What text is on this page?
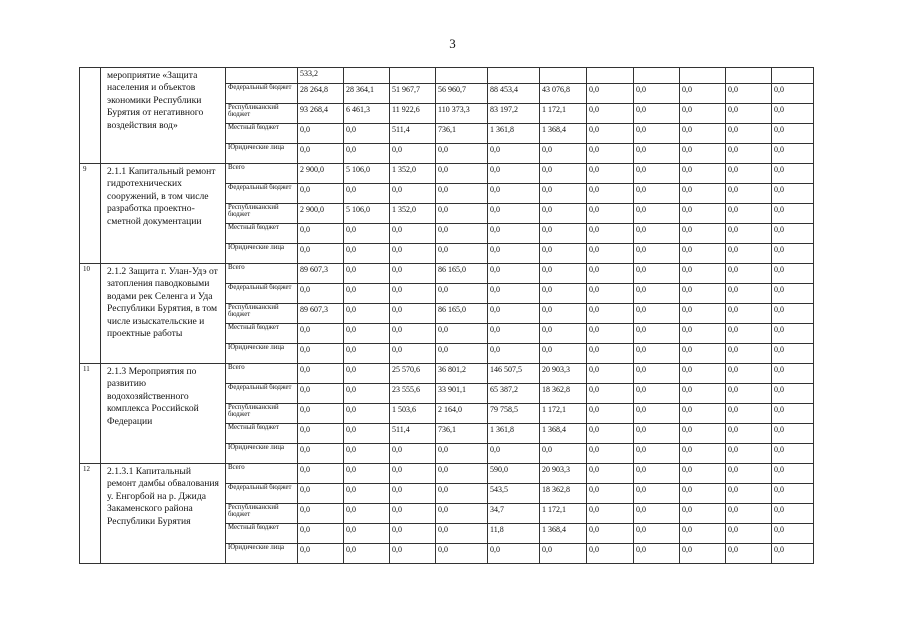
3
	мероприятие «Защита населения и объектов экономики Республики Бурятия от негативного воздействия вод»		533,2										
		Федеральный бюджет	28 264,8	28 364,1	51 967,7	56 960,7	88 453,4	43 076,8	0,0	0,0	0,0	0,0	0,0
		Республиканский бюджет	93 268,4	6 461,3	11 922,6	110 373,3	83 197,2	1 172,1	0,0	0,0	0,0	0,0	0,0
		Местный бюджет	0,0	0,0	511,4	736,1	1 361,8	1 368,4	0,0	0,0	0,0	0,0	0,0
		Юридические лица	0,0	0,0	0,0	0,0	0,0	0,0	0,0	0,0	0,0	0,0	0,0
9	2.1.1 Капитальный ремонт гидротехнических сооружений, в том числе разработка проектно-сметной документации	Всего	2 900,0	5 106,0	1 352,0	0,0	0,0	0,0	0,0	0,0	0,0	0,0	0,0
		Федеральный бюджет	0,0	0,0	0,0	0,0	0,0	0,0	0,0	0,0	0,0	0,0	0,0
		Республиканский бюджет	2 900,0	5 106,0	1 352,0	0,0	0,0	0,0	0,0	0,0	0,0	0,0	0,0
		Местный бюджет	0,0	0,0	0,0	0,0	0,0	0,0	0,0	0,0	0,0	0,0	0,0
		Юридические лица	0,0	0,0	0,0	0,0	0,0	0,0	0,0	0,0	0,0	0,0	0,0
10	2.1.2 Защита г. Улан-Удэ от затопления паводковыми водами рек Селенга и Уда Республики Бурятия, в том числе изыскательские и проектные работы	Всего	89 607,3	0,0	0,0	86 165,0	0,0	0,0	0,0	0,0	0,0	0,0	0,0
		Федеральный бюджет	0,0	0,0	0,0	0,0	0,0	0,0	0,0	0,0	0,0	0,0	0,0
		Республиканский бюджет	89 607,3	0,0	0,0	86 165,0	0,0	0,0	0,0	0,0	0,0	0,0	0,0
		Местный бюджет	0,0	0,0	0,0	0,0	0,0	0,0	0,0	0,0	0,0	0,0	0,0
		Юридические лица	0,0	0,0	0,0	0,0	0,0	0,0	0,0	0,0	0,0	0,0	0,0
11	2.1.3 Мероприятия по развитию водохозяйственного комплекса Российской Федерации	Всего	0,0	0,0	25 570,6	36 801,2	146 507,5	20 903,3	0,0	0,0	0,0	0,0	0,0
		Федеральный бюджет	0,0	0,0	23 555,6	33 901,1	65 387,2	18 362,8	0,0	0,0	0,0	0,0	0,0
		Республиканский бюджет	0,0	0,0	1 503,6	2 164,0	79 758,5	1 172,1	0,0	0,0	0,0	0,0	0,0
		Местный бюджет	0,0	0,0	511,4	736,1	1 361,8	1 368,4	0,0	0,0	0,0	0,0	0,0
		Юридические лица	0,0	0,0	0,0	0,0	0,0	0,0	0,0	0,0	0,0	0,0	0,0
12	2.1.3.1 Капитальный ремонт дамбы обвалования у. Енгорбой на р. Джида Закаменского района Республики Бурятия	Всего	0,0	0,0	0,0	0,0	590,0	20 903,3	0,0	0,0	0,0	0,0	0,0
		Федеральный бюджет	0,0	0,0	0,0	0,0	543,5	18 362,8	0,0	0,0	0,0	0,0	0,0
		Республиканский бюджет	0,0	0,0	0,0	0,0	34,7	1 172,1	0,0	0,0	0,0	0,0	0,0
		Местный бюджет	0,0	0,0	0,0	0,0	11,8	1 368,4	0,0	0,0	0,0	0,0	0,0
		Юридические лица	0,0	0,0	0,0	0,0	0,0	0,0	0,0	0,0	0,0	0,0	0,0
